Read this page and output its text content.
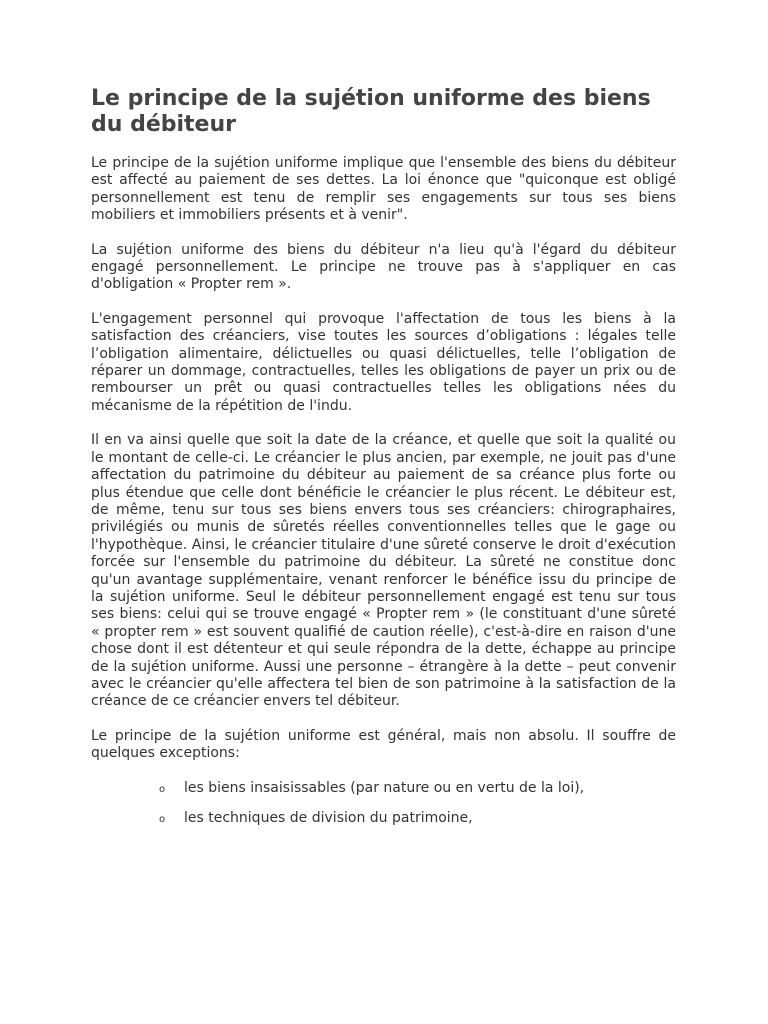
Le principe de la sujétion uniforme des biens du débiteur

Le principe de la sujétion uniforme implique que l'ensemble des biens du débiteur est affecté au paiement de ses dettes. La loi énonce que "quiconque est obligé personnellement est tenu de remplir ses engagements sur tous ses biens mobiliers et immobiliers présents et à venir".

La sujétion uniforme des biens du débiteur n'a lieu qu'à l'égard du débiteur engagé personnellement. Le principe ne trouve pas à s'appliquer en cas d'obligation « Propter rem ».

L'engagement personnel qui provoque l'affectation de tous les biens à la satisfaction des créanciers, vise toutes les sources d’obligations : légales telle l’obligation alimentaire, délictuelles ou quasi délictuelles, telle l’obligation de réparer un dommage, contractuelles, telles les obligations de payer un prix ou de rembourser un prêt ou quasi contractuelles telles les obligations nées du mécanisme de la répétition de l'indu.

Il en va ainsi quelle que soit la date de la créance, et quelle que soit la qualité ou le montant de celle-ci. Le créancier le plus ancien, par exemple, ne jouit pas d'une affectation du patrimoine du débiteur au paiement de sa créance plus forte ou plus étendue que celle dont bénéficie le créancier le plus récent. Le débiteur est, de même, tenu sur tous ses biens envers tous ses créanciers: chirographaires, privilégiés ou munis de sûretés réelles conventionnelles telles que le gage ou l'hypothèque. Ainsi, le créancier titulaire d'une sûreté conserve le droit d'exécution forcée sur l'ensemble du patrimoine du débiteur. La sûreté ne constitue donc qu'un avantage supplémentaire, venant renforcer le bénéfice issu du principe de la sujétion uniforme. Seul le débiteur personnellement engagé est tenu sur tous ses biens: celui qui se trouve engagé « Propter rem » (le constituant d'une sûreté « propter rem » est souvent qualifié de caution réelle), c'est-à-dire en raison d'une chose dont il est détenteur et qui seule répondra de la dette, échappe au principe de la sujétion uniforme. Aussi une personne – étrangère à la dette – peut convenir avec le créancier qu'elle affectera tel bien de son patrimoine à la satisfaction de la créance de ce créancier envers tel débiteur.

Le principe de la sujétion uniforme est général, mais non absolu. Il souffre de quelques exceptions:

o les biens insaisissables (par nature ou en vertu de la loi),
o les techniques de division du patrimoine,
